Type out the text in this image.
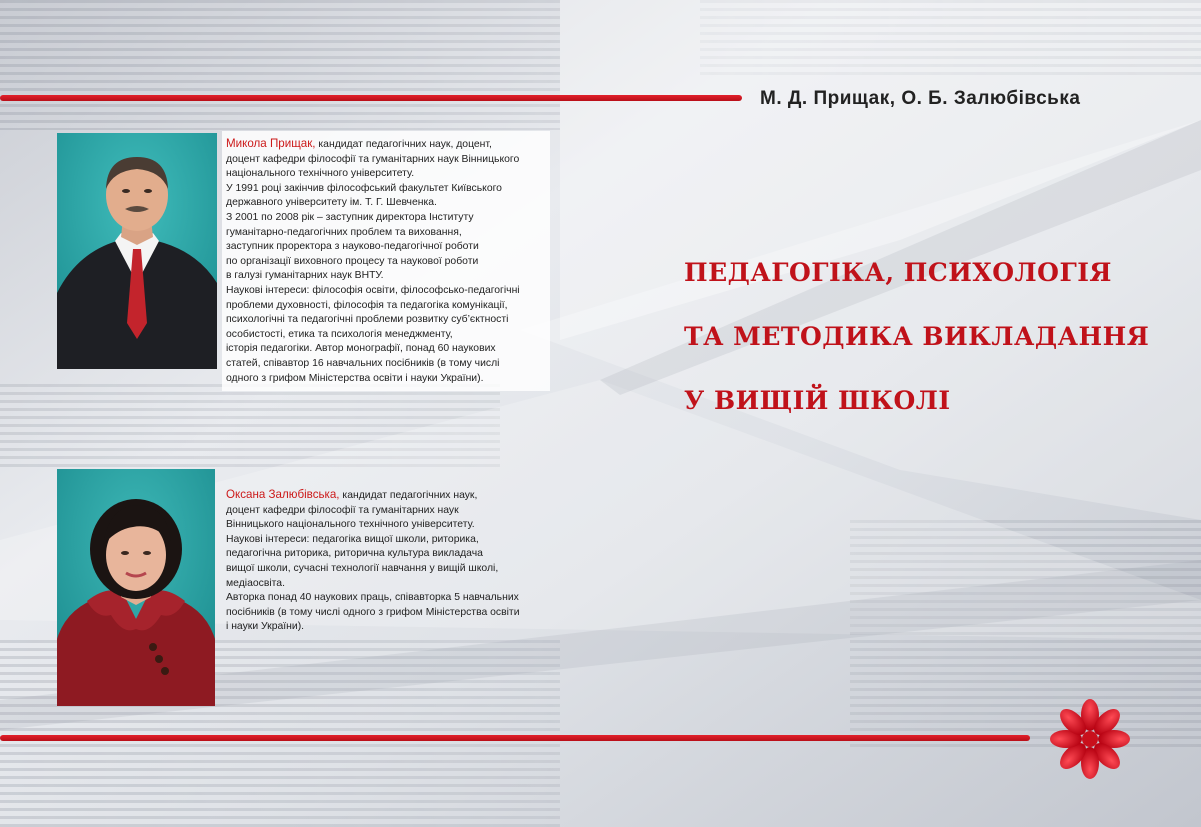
М. Д. Прищак, О. Б. Залюбівська
ПЕДАГОГІКА, ПСИХОЛОГІЯ
ТА МЕТОДИКА ВИКЛАДАННЯ
У ВИЩІЙ ШКОЛІ
Микола Прищак, кандидат педагогічних наук, доцент,
доцент кафедри філософії та гуманітарних наук Вінницького
національного технічного університету.
У 1991 році закінчив філософський факультет Київського
державного університету ім. Т. Г. Шевченка.
З 2001 по 2008 рік – заступник директора Інституту
гуманітарно-педагогічних проблем та виховання,
заступник проректора з науково-педагогічної роботи
по організації виховного процесу та наукової роботи
в галузі гуманітарних наук ВНТУ.
Наукові інтереси: філософія освіти, філософсько-педагогічні
проблеми духовності, філософія та педагогіка комунікації,
психологічні та педагогічні проблеми розвитку суб’єктності
особистості, етика та психологія менеджменту,
історія педагогіки. Автор монографії, понад 60 наукових
статей, співавтор 16 навчальних посібників (в тому числі
одного з грифом Міністерства освіти і науки України).
Оксана Залюбівська, кандидат педагогічних наук,
доцент кафедри філософії та гуманітарних наук
Вінницького національного технічного університету.
Наукові інтереси: педагогіка вищої школи, риторика,
педагогічна риторика, риторична культура викладача
вищої школи, сучасні технології навчання у вищій школі,
медіаосвіта.
Авторка понад 40 наукових праць, співавторка 5 навчальних
посібників (в тому числі одного з грифом Міністерства освіти
і науки України).
